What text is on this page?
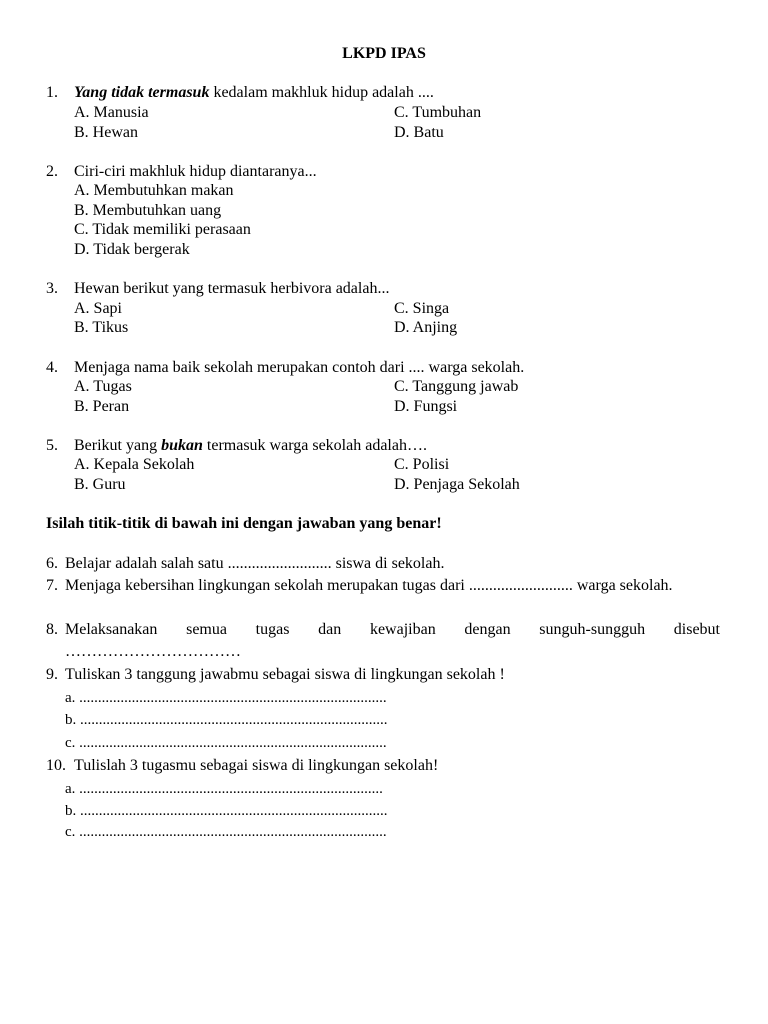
LKPD IPAS
1. Yang tidak termasuk kedalam makhluk hidup adalah ....
A. Manusia
B. Hewan
C. Tumbuhan
D. Batu
2. Ciri-ciri makhluk hidup diantaranya...
A. Membutuhkan makan
B. Membutuhkan uang
C. Tidak memiliki perasaan
D. Tidak bergerak
3. Hewan berikut yang termasuk herbivora adalah...
A. Sapi
B. Tikus
C. Singa
D. Anjing
4. Menjaga nama baik sekolah merupakan contoh dari .... warga sekolah.
A. Tugas
B. Peran
C. Tanggung jawab
D. Fungsi
5. Berikut yang bukan termasuk warga sekolah adalah….
A. Kepala Sekolah
B. Guru
C. Polisi
D. Penjaga Sekolah
Isilah titik-titik di bawah ini dengan jawaban yang benar!
6. Belajar adalah salah satu .......................... siswa di sekolah.
7. Menjaga kebersihan lingkungan sekolah merupakan tugas dari .......................... warga sekolah.
8. Melaksanakan semua tugas dan kewajiban dengan sunguh-sungguh disebut ……………………………
9. Tuliskan 3 tanggung jawabmu sebagai siswa di lingkungan sekolah !
a. ..................................................................................
b. ..................................................................................
c. ..................................................................................
10. Tulislah 3 tugasmu sebagai siswa di lingkungan sekolah!
a. .................................................................................
b. ..................................................................................
c. ..................................................................................
